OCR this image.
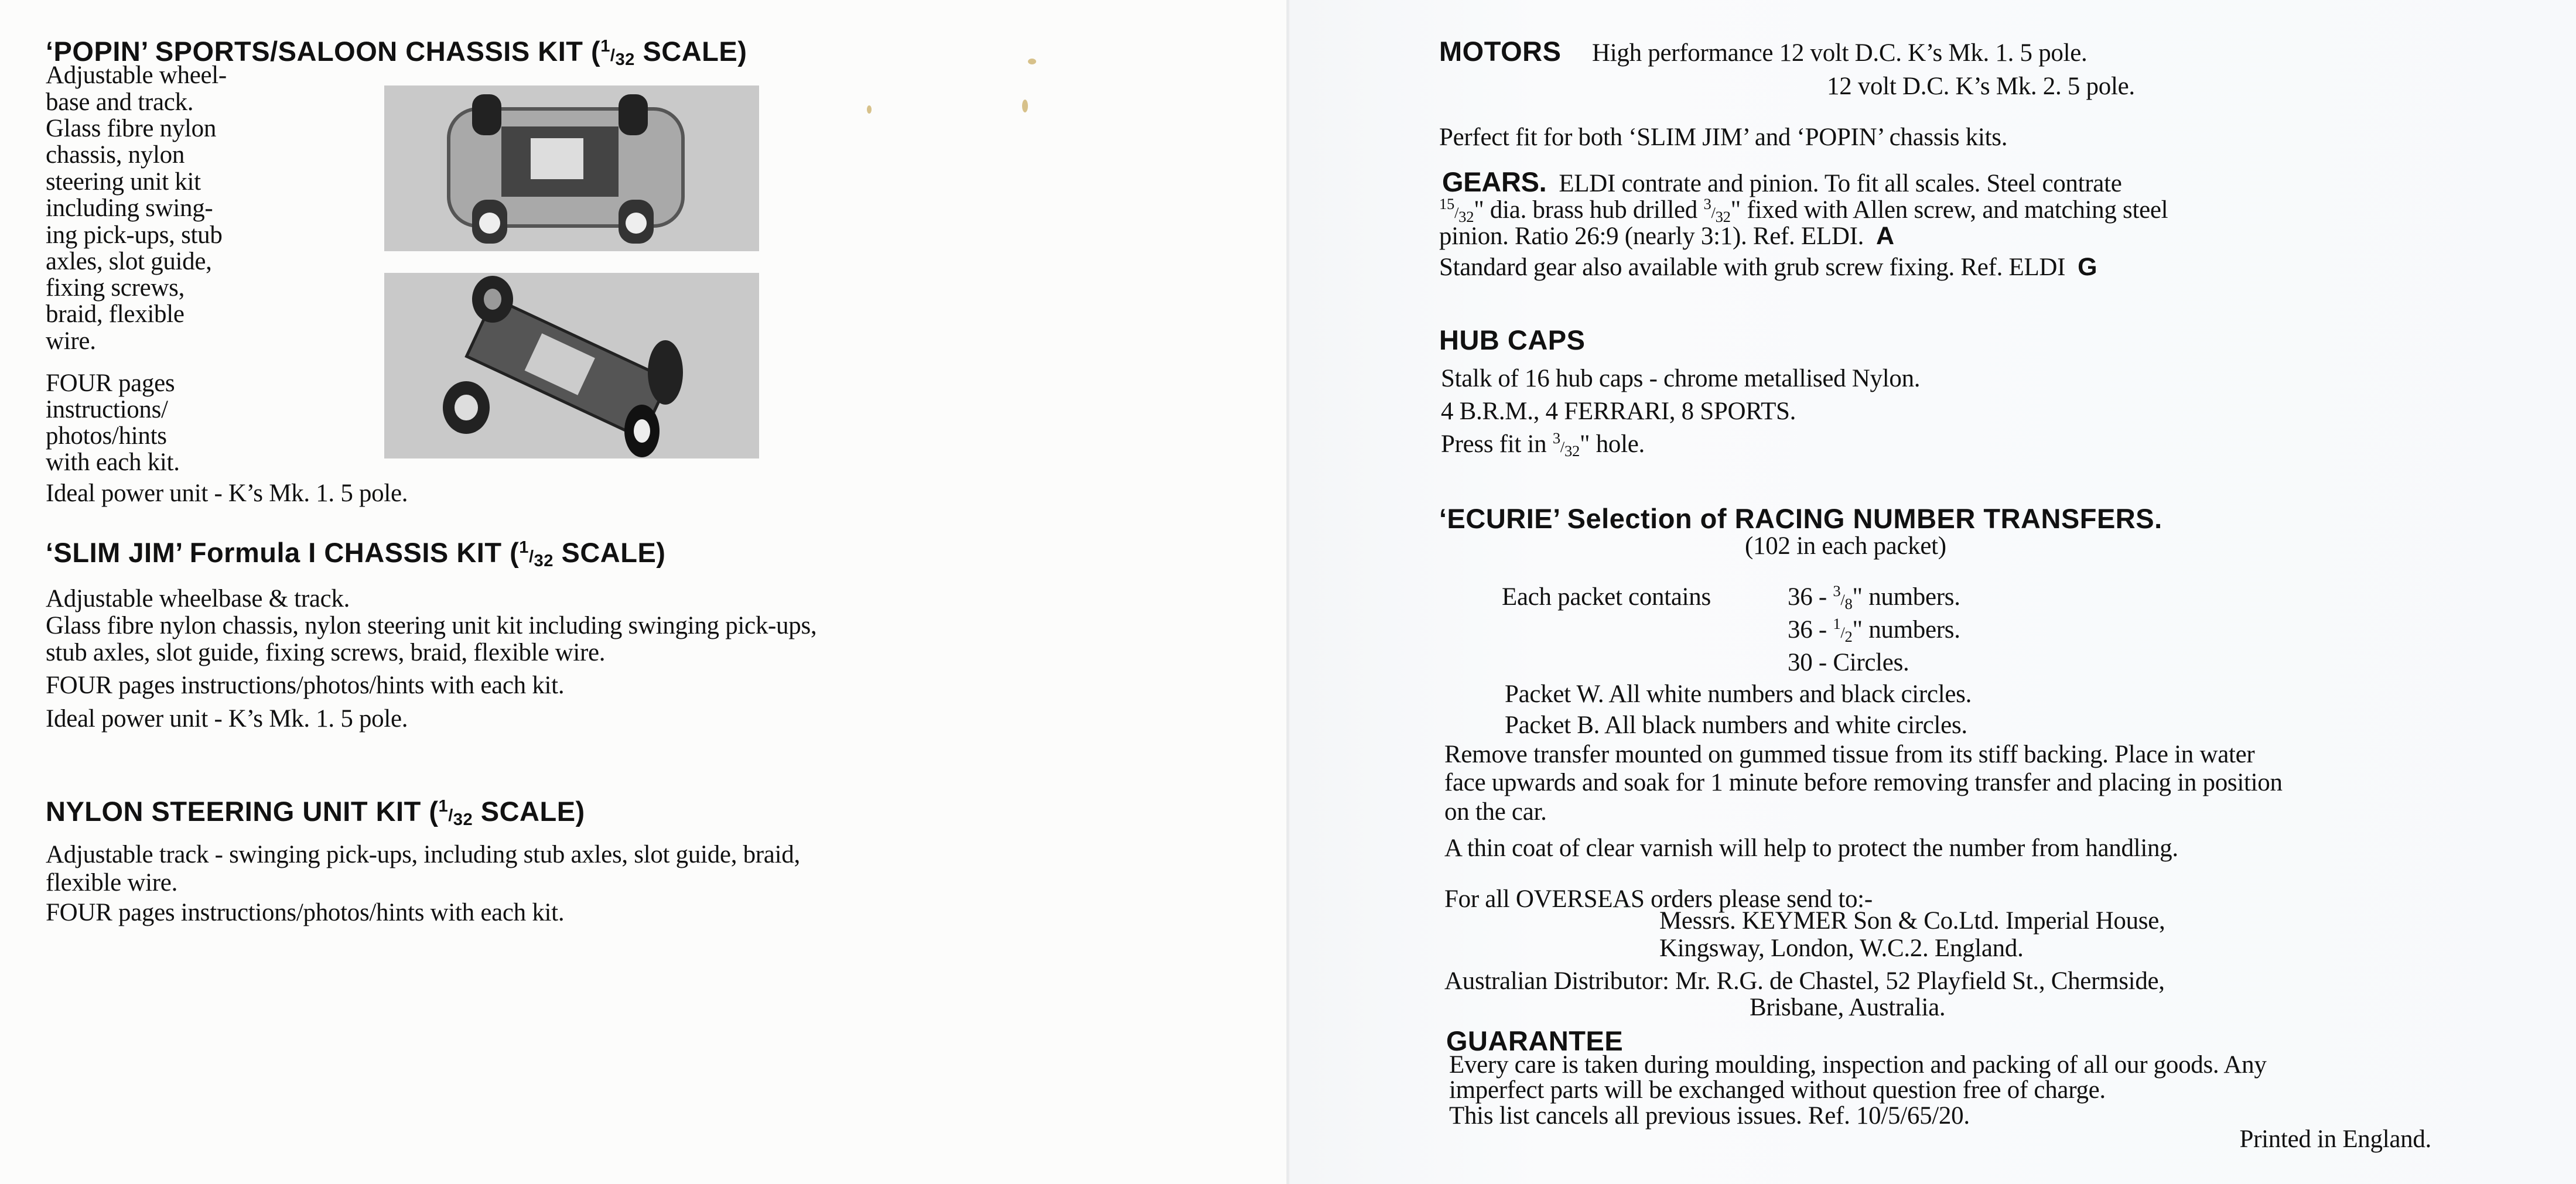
‘POPIN’ SPORTS/SALOON CHASSIS KIT (1/32 SCALE)
Adjustable wheel-
base and track.
Glass fibre nylon
chassis, nylon
steering unit kit
including swing-
ing pick-ups, stub
axles, slot guide,
fixing screws,
braid, flexible
wire.
FOUR pages
instructions/
photos/hints
with each kit.
Ideal power unit - K’s Mk. 1. 5 pole.
‘SLIM JIM’ Formula I CHASSIS KIT (1/32 SCALE)
Adjustable wheelbase & track.
Glass fibre nylon chassis, nylon steering unit kit including swinging pick-ups,
stub axles, slot guide, fixing screws, braid, flexible wire.
FOUR pages instructions/photos/hints with each kit.
Ideal power unit - K’s Mk. 1. 5 pole.
NYLON STEERING UNIT KIT (1/32 SCALE)
Adjustable track - swinging pick-ups, including stub axles, slot guide, braid,
flexible wire.
FOUR pages instructions/photos/hints with each kit.
MOTORS High performance 12 volt D.C. K’s Mk. 1. 5 pole.
12 volt D.C. K’s Mk. 2. 5 pole.
Perfect fit for both ‘SLIM JIM’ and ‘POPIN’ chassis kits.
GEARS. ELDI contrate and pinion. To fit all scales. Steel contrate
15/32" dia. brass hub drilled 3/32" fixed with Allen screw, and matching steel
pinion. Ratio 26:9 (nearly 3:1). Ref. ELDI. A
Standard gear also available with grub screw fixing. Ref. ELDI G
HUB CAPS
Stalk of 16 hub caps - chrome metallised Nylon.
4 B.R.M., 4 FERRARI, 8 SPORTS.
Press fit in 3/32" hole.
‘ECURIE’ Selection of RACING NUMBER TRANSFERS.
(102 in each packet)
Each packet contains	36 - 3/8" numbers.
36 - 1/2" numbers.
30 - Circles.
Packet W. All white numbers and black circles.
Packet B. All black numbers and white circles.
Remove transfer mounted on gummed tissue from its stiff backing. Place in water
face upwards and soak for 1 minute before removing transfer and placing in position
on the car.
A thin coat of clear varnish will help to protect the number from handling.
For all OVERSEAS orders please send to:-
Messrs. KEYMER Son & Co.Ltd. Imperial House,
Kingsway, London, W.C.2. England.
Australian Distributor: Mr. R.G. de Chastel, 52 Playfield St., Chermside,
Brisbane, Australia.
GUARANTEE
Every care is taken during moulding, inspection and packing of all our goods. Any
imperfect parts will be exchanged without question free of charge.
This list cancels all previous issues. Ref. 10/5/65/20.
Printed in England.
